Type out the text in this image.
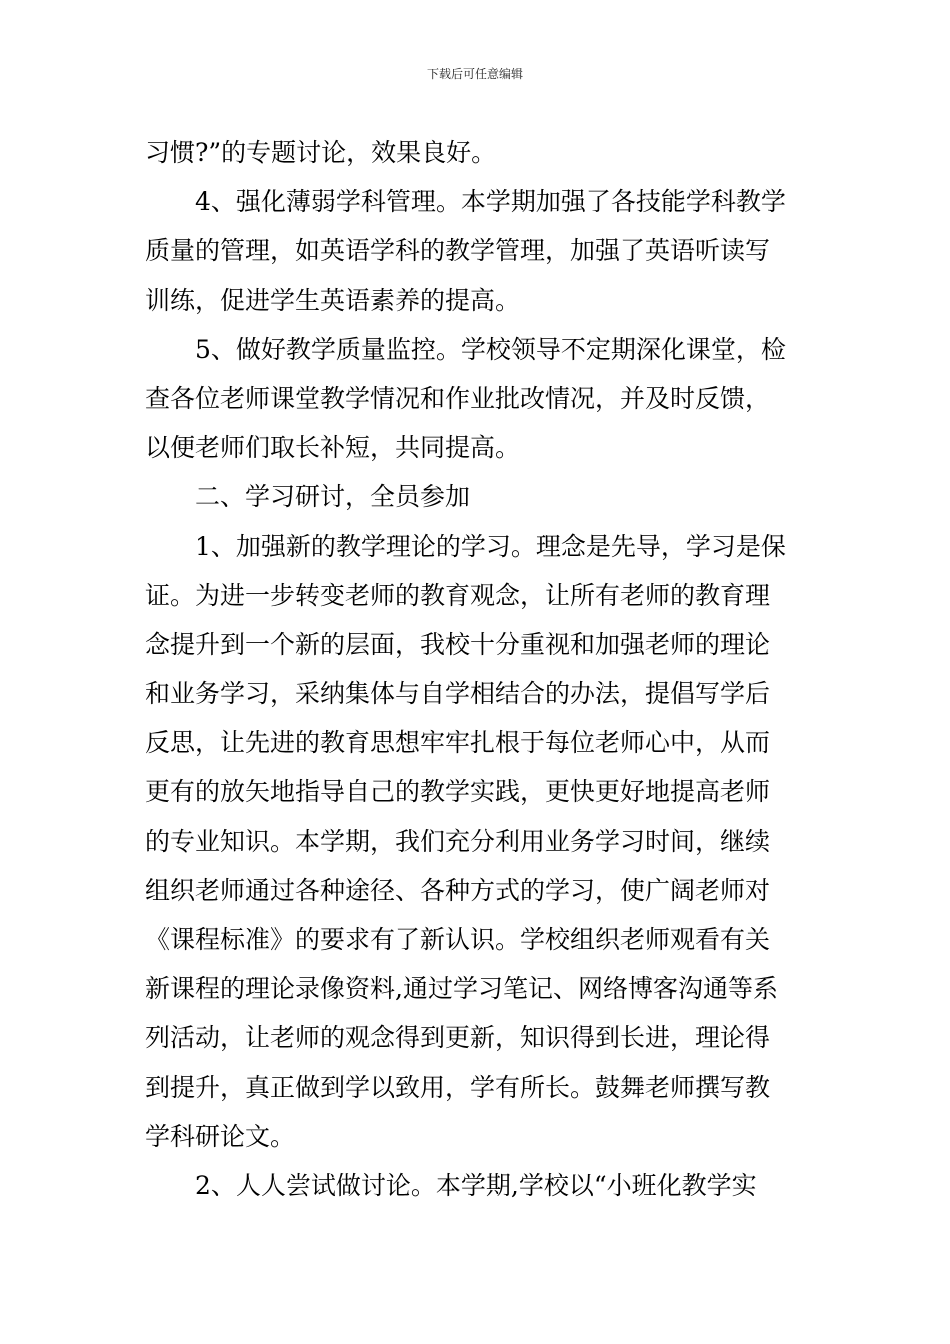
下载后可任意编辑
习惯?”的专题讨论，效果良好。
4、强化薄弱学科管理。本学期加强了各技能学科教学
质量的管理，如英语学科的教学管理，加强了英语听读写
训练，促进学生英语素养的提高。
5、做好教学质量监控。学校领导不定期深化课堂，检
查各位老师课堂教学情况和作业批改情况，并及时反馈，
以便老师们取长补短，共同提高。
二、学习研讨，全员参加
1、加强新的教学理论的学习。理念是先导，学习是保
证。为进一步转变老师的教育观念，让所有老师的教育理
念提升到一个新的层面，我校十分重视和加强老师的理论
和业务学习，采纳集体与自学相结合的办法，提倡写学后
反思，让先进的教育思想牢牢扎根于每位老师心中，从而
更有的放矢地指导自己的教学实践，更快更好地提高老师
的专业知识。本学期，我们充分利用业务学习时间，继续
组织老师通过各种途径、各种方式的学习，使广阔老师对
《课程标准》的要求有了新认识。学校组织老师观看有关
新课程的理论录像资料,通过学习笔记、网络博客沟通等系
列活动，让老师的观念得到更新，知识得到长进，理论得
到提升，真正做到学以致用，学有所长。鼓舞老师撰写教
学科研论文。
2、人人尝试做讨论。本学期,学校以“小班化教学实
